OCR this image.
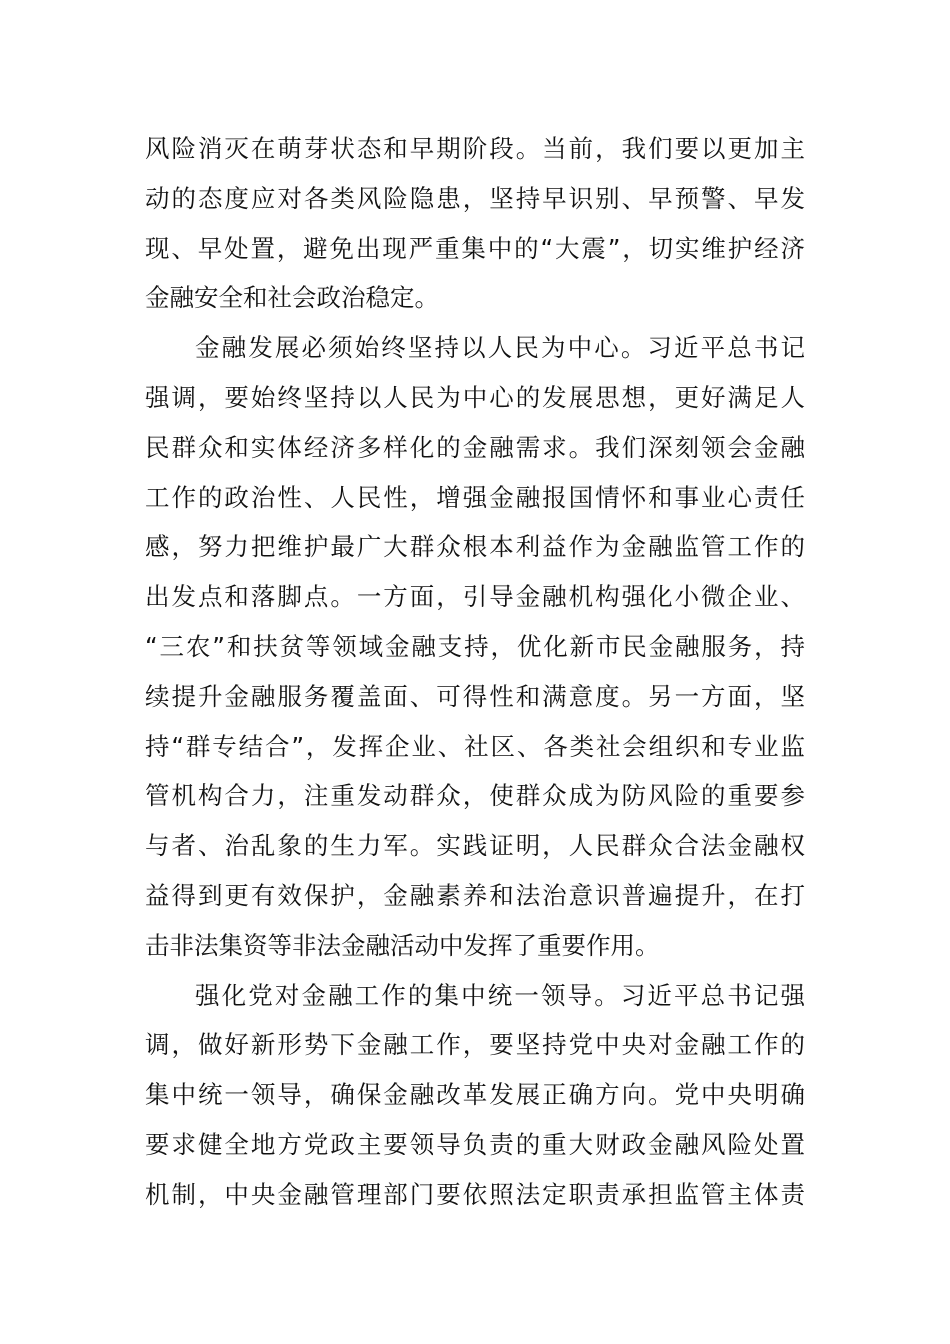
风险消灭在萌芽状态和早期阶段。当前，我们要以更加主
动的态度应对各类风险隐患，坚持早识别、早预警、早发
现、早处置，避免出现严重集中的“大震”，切实维护经济
金融安全和社会政治稳定。
金融发展必须始终坚持以人民为中心。习近平总书记
强调，要始终坚持以人民为中心的发展思想，更好满足人
民群众和实体经济多样化的金融需求。我们深刻领会金融
工作的政治性、人民性，增强金融报国情怀和事业心责任
感，努力把维护最广大群众根本利益作为金融监管工作的
出发点和落脚点。一方面，引导金融机构强化小微企业、
“三农”和扶贫等领域金融支持，优化新市民金融服务，持
续提升金融服务覆盖面、可得性和满意度。另一方面，坚
持“群专结合”，发挥企业、社区、各类社会组织和专业监
管机构合力，注重发动群众，使群众成为防风险的重要参
与者、治乱象的生力军。实践证明，人民群众合法金融权
益得到更有效保护，金融素养和法治意识普遍提升，在打
击非法集资等非法金融活动中发挥了重要作用。
强化党对金融工作的集中统一领导。习近平总书记强
调，做好新形势下金融工作，要坚持党中央对金融工作的
集中统一领导，确保金融改革发展正确方向。党中央明确
要求健全地方党政主要领导负责的重大财政金融风险处置
机制，中央金融管理部门要依照法定职责承担监管主体责
